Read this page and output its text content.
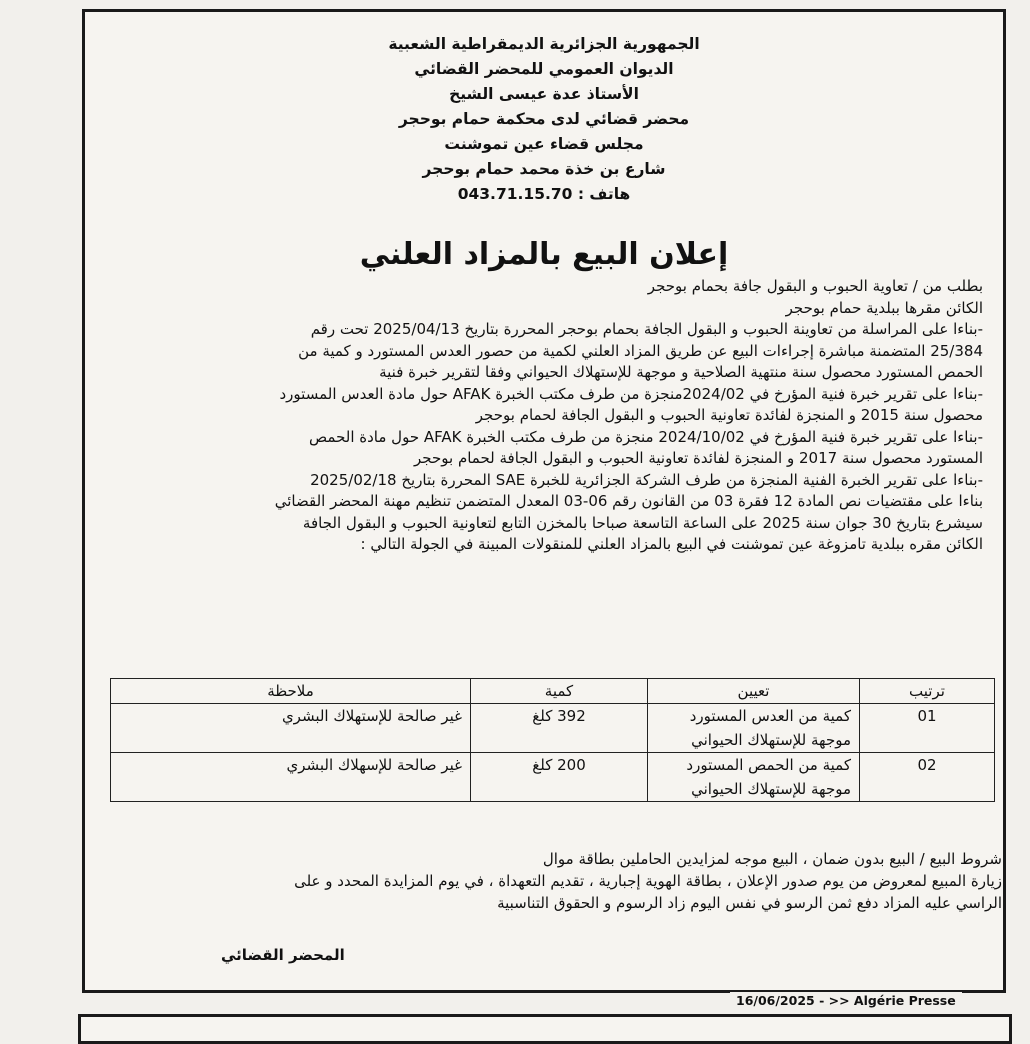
الجمهورية الجزائرية الديمقراطية الشعبية
الديوان العمومي للمحضر القضائي
الأستاذ عدة عيسى الشيخ
محضر قضائي لدى محكمة حمام بوحجر
مجلس قضاء عين تموشنت
شارع بن خذة محمد حمام بوحجر
هاتف : 043.71.15.70
إعلان البيع بالمزاد العلني
بطلب من / تعاوية الحبوب و البقول جافة بحمام بوحجر
الكائن مقرها ببلدية حمام بوحجر
-بناءا على المراسلة من تعاوينة الحبوب و البقول الجافة بحمام بوحجر المحررة بتاريخ 2025/04/13 تحت رقم
25/384 المتضمنة مباشرة إجراءات البيع عن طريق المزاد العلني لكمية من حصور العدس المستورد و كمية من
الحمص المستورد محصول سنة منتهية الصلاحية و موجهة للإستهلاك الحيواني وفقا لتقرير خبرة فنية
-بناءا على تقرير خبرة فنية المؤرخ في 2024/02منجزة من طرف مكتب الخبرة AFAK حول مادة العدس المستورد
محصول سنة 2015 و المنجزة لفائدة تعاونية الحبوب و البقول الجافة لحمام بوحجر
-بناءا على تقرير خبرة فنية المؤرخ في 2024/10/02 منجزة من طرف مكتب الخبرة AFAK حول مادة الحمص
المستورد محصول سنة 2017 و المنجزة لفائدة تعاونية الحبوب و البقول الجافة لحمام بوحجر
-بناءا على تقرير الخبرة الفنية المنجزة من طرف الشركة الجزائرية للخبرة SAE المحررة بتاريخ 2025/02/18
بناءا على مقتضيات نص المادة 12 فقرة 03 من القانون رقم 06-03 المعدل المتضمن تنظيم مهنة المحضر القضائي
سيشرع بتاريخ 30 جوان سنة 2025 على الساعة التاسعة صباحا بالمخزن التابع لتعاونية الحبوب و البقول الجافة
الكائن مقره ببلدية تامزوغة عين تموشنت في البيع بالمزاد العلني للمنقولات المبينة في الجولة التالي :
المحضر القضائي
ترتيب	تعيين	كمية	ملاحظة
01	كمية من العدس المستورد
موجهة للإستهلاك الحيواني	392 كلغ	غير صالحة للإستهلاك البشري
02	كمية من الحمص المستورد
موجهة للإستهلاك الحيواني	200 كلغ	غير صالحة للإسهلاك البشري
شروط البيع / البيع بدون ضمان ، البيع موجه لمزايدين الحاملين بطاقة موال
زيارة المبيع لمعروض من يوم صدور الإعلان ، بطاقة الهوية إجبارية ، تقديم التعهداة ، في يوم المزايدة المحدد و على
الراسي عليه المزاد دفع ثمن الرسو في نفس اليوم زاد الرسوم و الحقوق التناسبية
16/06/2025 - >> Algérie Presse
